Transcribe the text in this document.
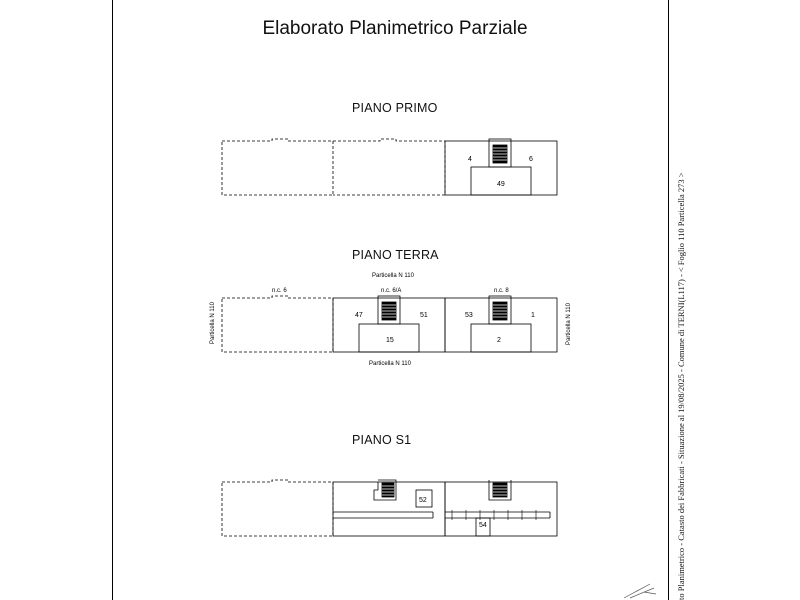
Elaborato Planimetrico Parziale
PIANO PRIMO
4	6
49
PIANO TERRA
Particella N 110
Particella N 110
Particella N 110	Particella N 110
n.c. 6	n.c. 6/A	n.c. 8
47	51
15
53	1
2
PIANO S1
52
54	to Planimetrico - Catasto dei Fabbricati - Situazione al 19/08/2025 - Comune di TERNI(L117) - < Foglio 110 Particella 273 >
